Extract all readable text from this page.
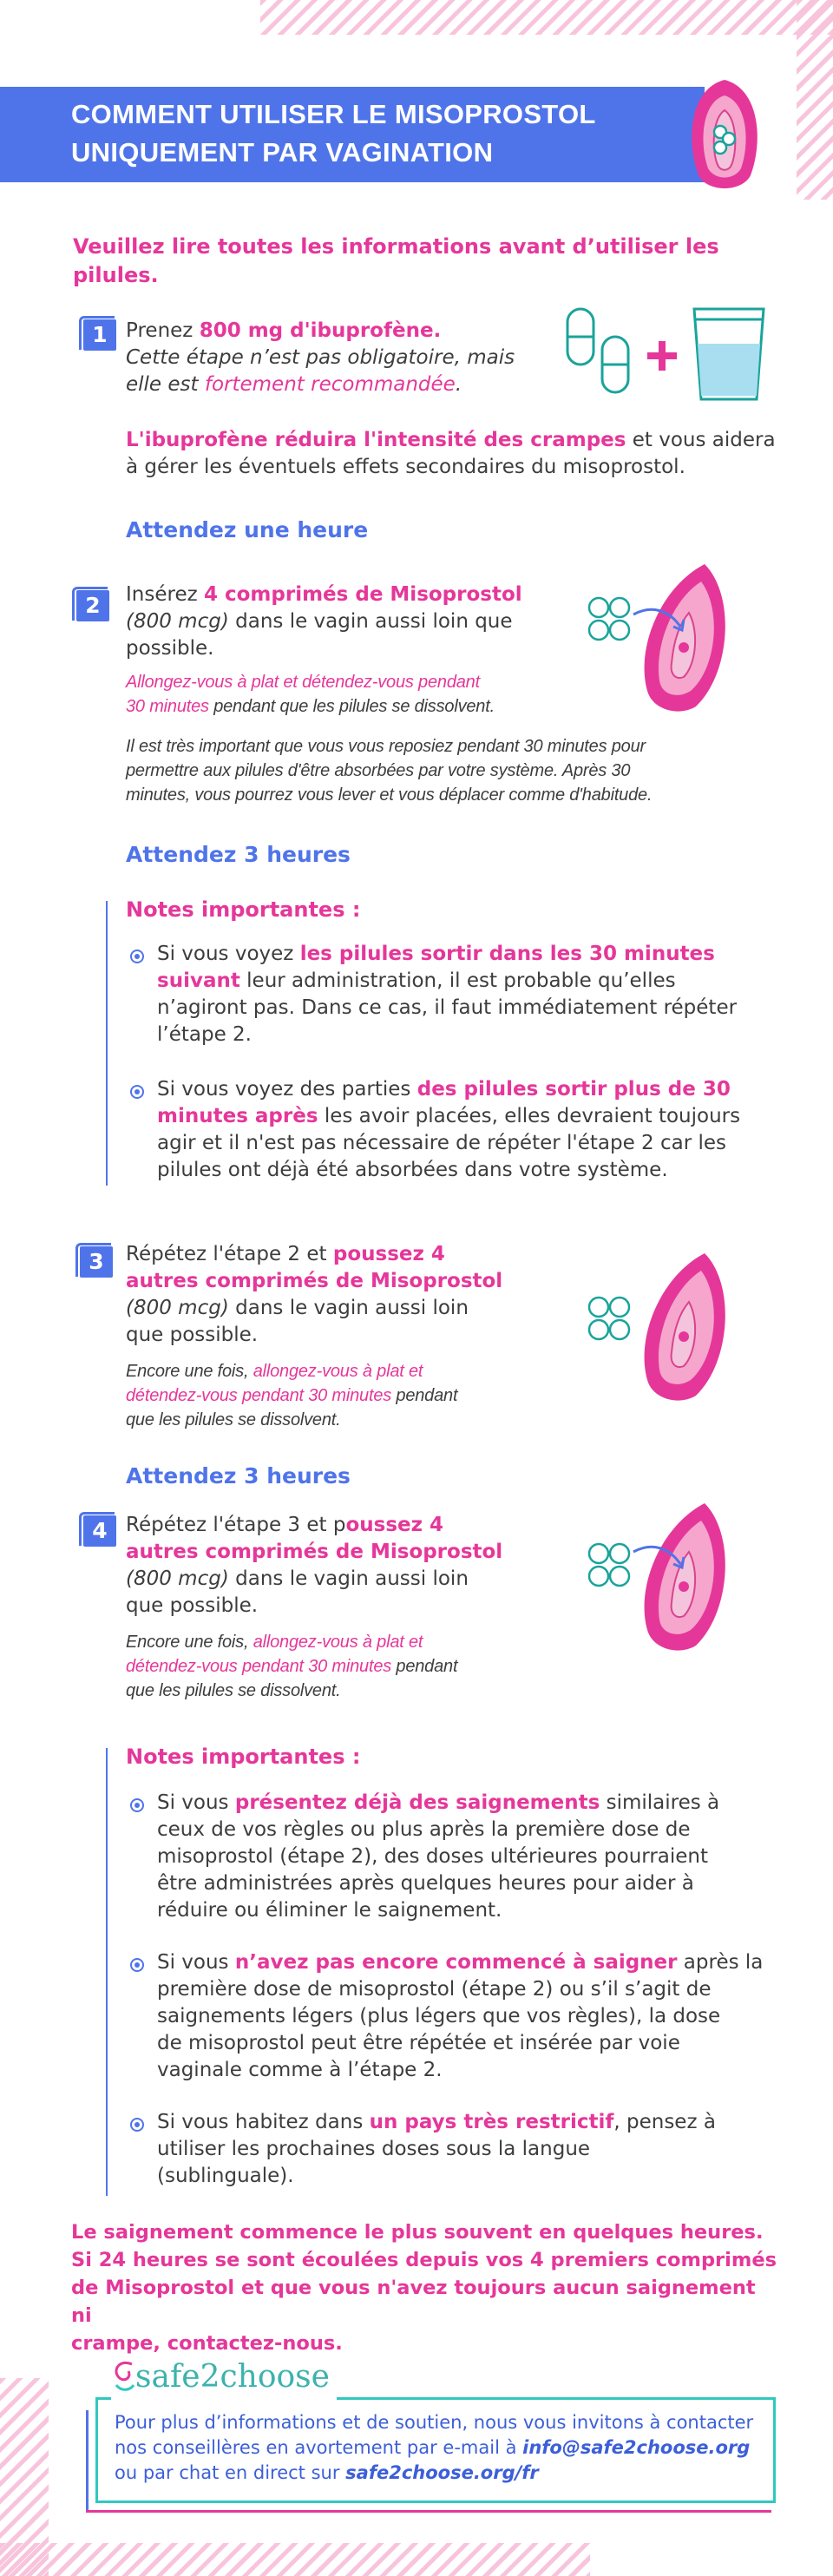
COMMENT UTILISER LE MISOPROSTOL
UNIQUEMENT PAR VAGINATION
Veuillez lire toutes les informations avant d’utiliser les pilules.
1 Prenez 800 mg d'ibuprofène.
Cette étape n’est pas obligatoire, mais
elle est fortement recommandée.
L'ibuprofène réduira l'intensité des crampes et vous aidera
à gérer les éventuels effets secondaires du misoprostol.
Attendez une heure
2	Insérez 4 comprimés de Misoprostol
(800 mcg) dans le vagin aussi loin que
possible.
Allongez-vous à plat et détendez-vous pendant
30 minutes pendant que les pilules se dissolvent.
Il est très important que vous vous reposiez pendant 30 minutes pour
permettre aux pilules d'être absorbées par votre système. Après 30
minutes, vous pourrez vous lever et vous déplacer comme d'habitude.
Attendez 3 heures
Notes importantes :
Si vous voyez les pilules sortir dans les 30 minutes
suivant leur administration, il est probable qu’elles
n’agiront pas. Dans ce cas, il faut immédiatement répéter
l’étape 2.
Si vous voyez des parties des pilules sortir plus de 30
minutes après les avoir placées, elles devraient toujours
agir et il n'est pas nécessaire de répéter l'étape 2 car les
pilules ont déjà été absorbées dans votre système.
3	Répétez l'étape 2 et poussez 4
autres comprimés de Misoprostol
(800 mcg) dans le vagin aussi loin
que possible.
Encore une fois, allongez-vous à plat et
détendez-vous pendant 30 minutes pendant
que les pilules se dissolvent.
Attendez 3 heures
4 Répétez l'étape 3 et poussez 4
autres comprimés de Misoprostol
(800 mcg) dans le vagin aussi loin
que possible.
Encore une fois, allongez-vous à plat et
détendez-vous pendant 30 minutes pendant
que les pilules se dissolvent.
Notes importantes :
Si vous présentez déjà des saignements similaires à
ceux de vos règles ou plus après la première dose de
misoprostol (étape 2), des doses ultérieures pourraient
être administrées après quelques heures pour aider à
réduire ou éliminer le saignement.
Si vous n’avez pas encore commencé à saigner après la
première dose de misoprostol (étape 2) ou s’il s’agit de
saignements légers (plus légers que vos règles), la dose
de misoprostol peut être répétée et insérée par voie
vaginale comme à l’étape 2.
Si vous habitez dans un pays très restrictif, pensez à
utiliser les prochaines doses sous la langue
(sublinguale).
Le saignement commence le plus souvent en quelques heures.
Si 24 heures se sont écoulées depuis vos 4 premiers comprimés
de Misoprostol et que vous n'avez toujours aucun saignement ni
crampe, contactez-nous.
safe2choose
Pour plus d’informations et de soutien, nous vous invitons à contacter
nos conseillères en avortement par e-mail à info@safe2choose.org
ou par chat en direct sur safe2choose.org/fr
